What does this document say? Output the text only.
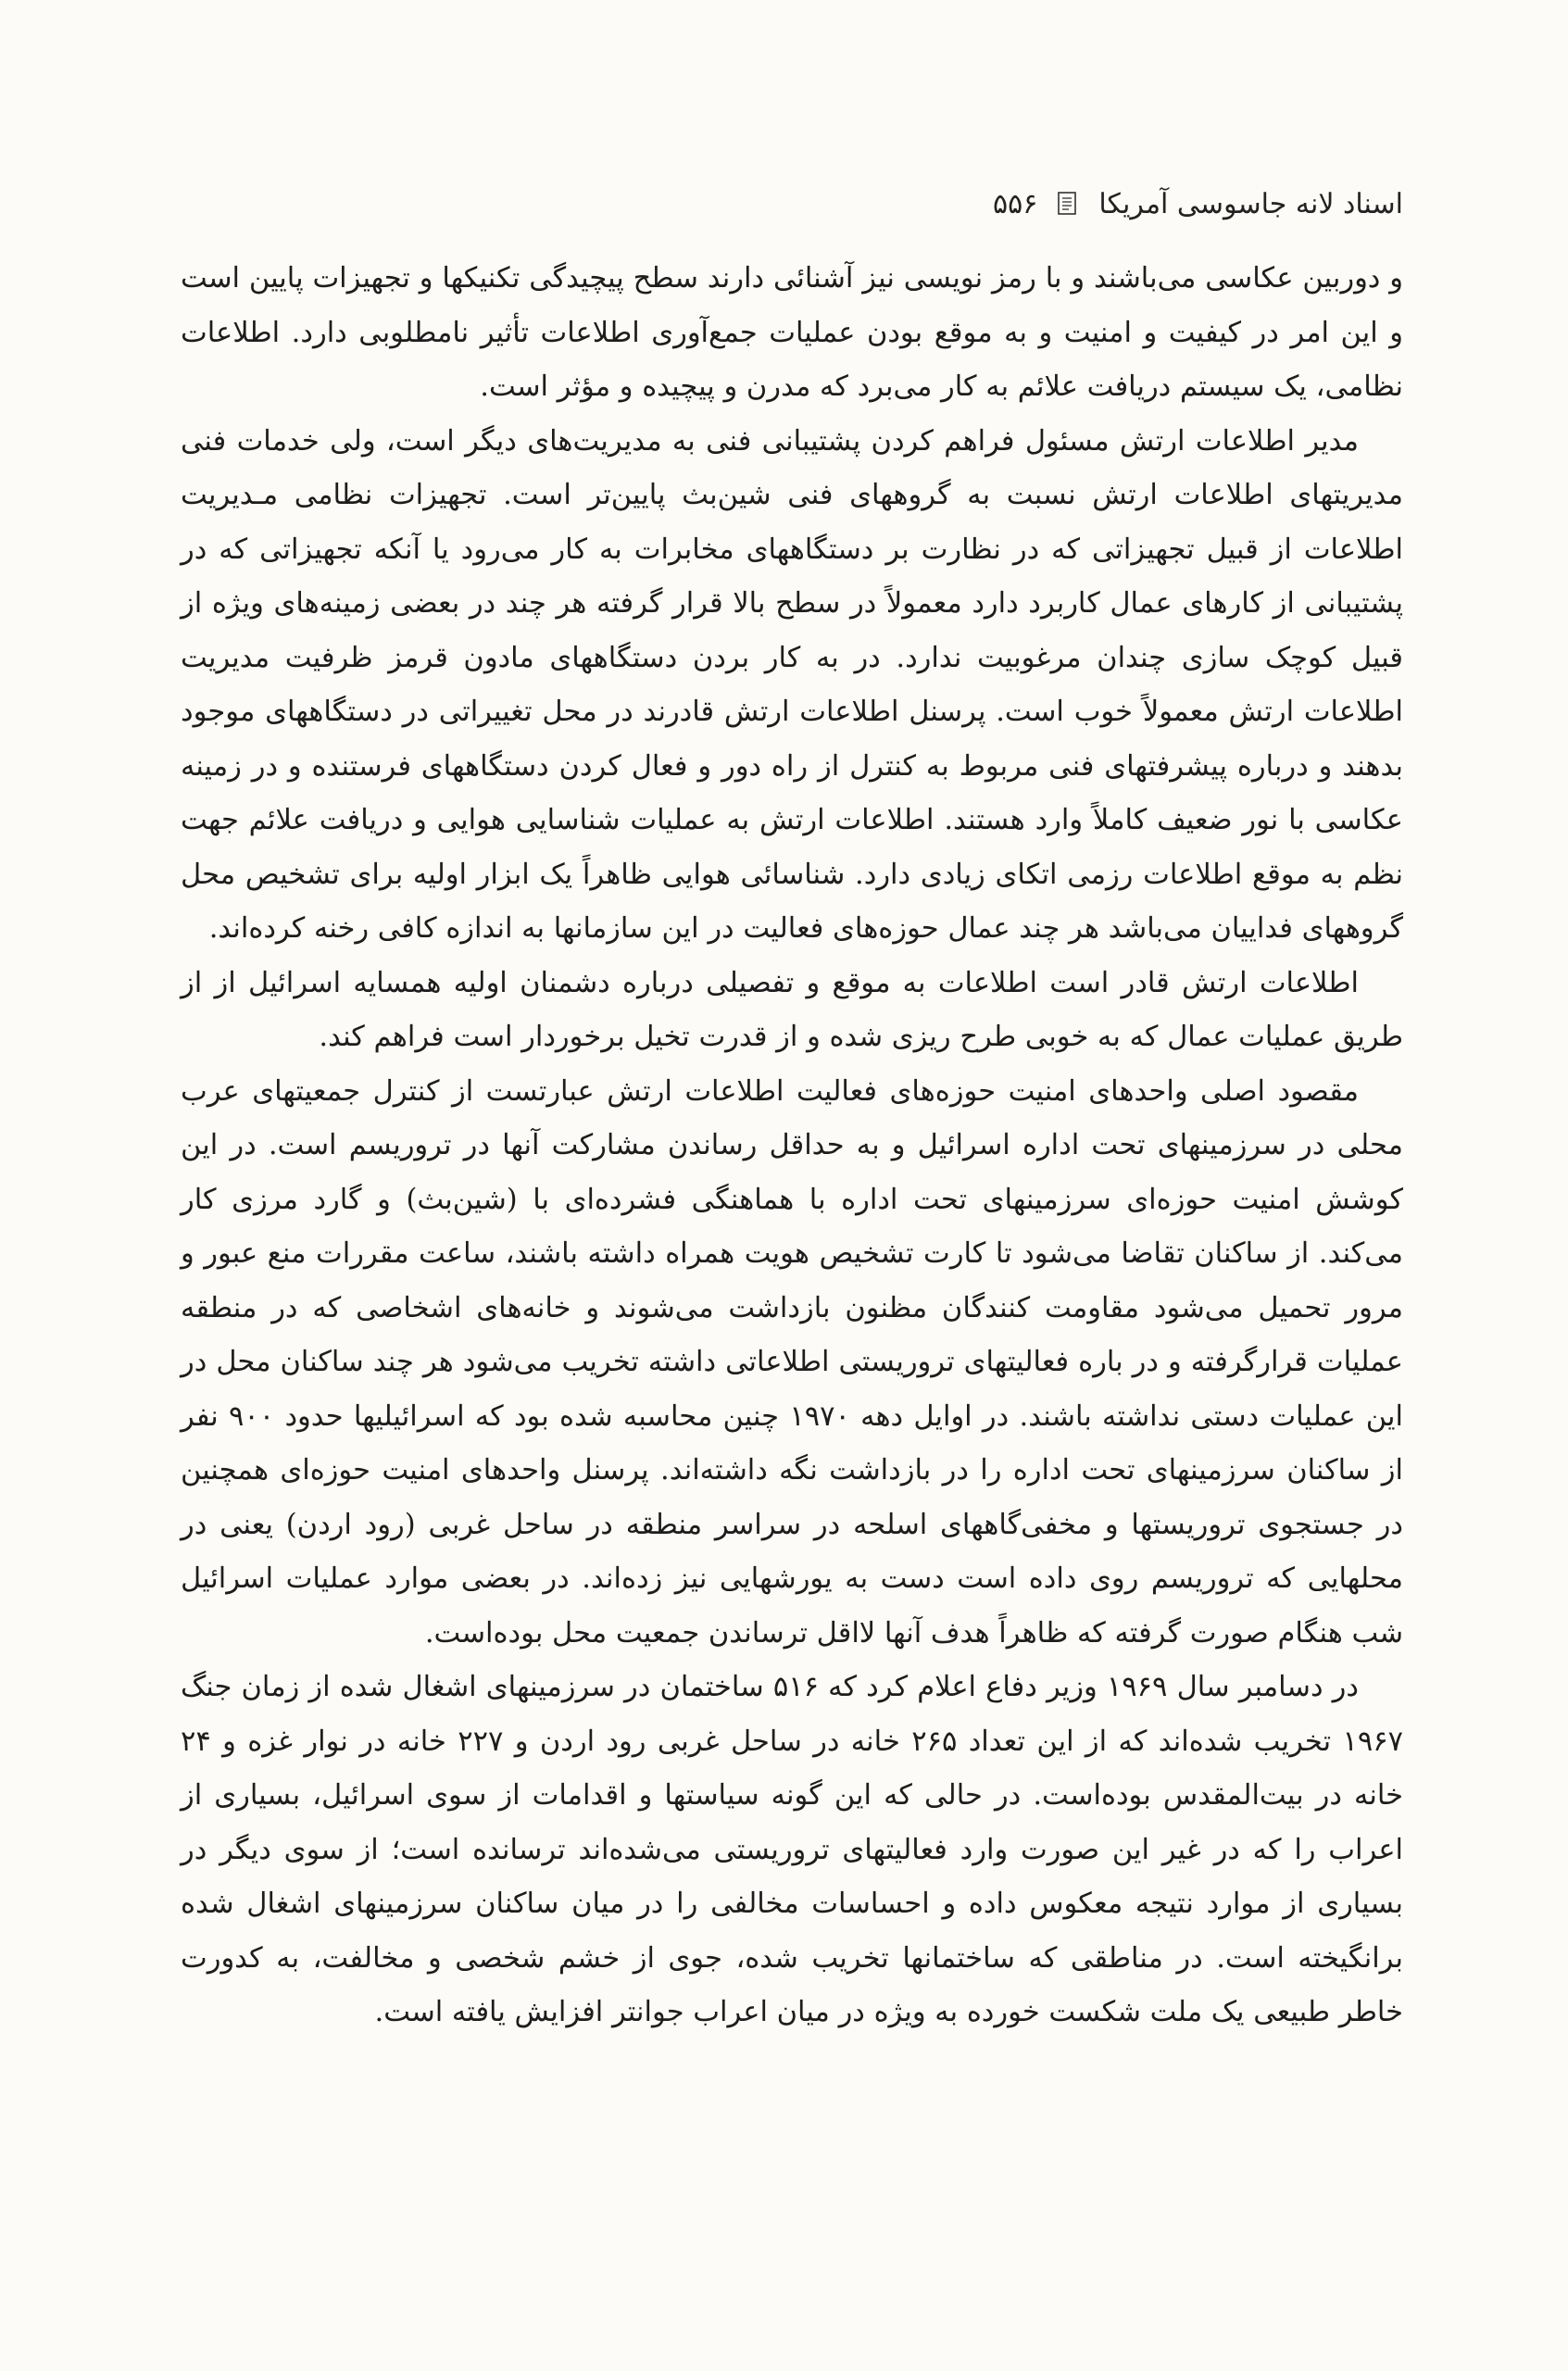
اسناد لانه جاسوسی آمریکا
۵۵۶

و دوربین عکاسی می‌باشند و با رمز نویسی نیز آشنائی دارند سطح پیچیدگی تکنیکها و تجهیزات پایین است و این امر در کیفیت و امنیت و به موقع بودن عملیات جمع‌آوری اطلاعات تأثیر نامطلوبی دارد. اطلاعات نظامی، یک سیستم دریافت علائم به کار می‌برد که مدرن و پیچیده و مؤثر است.

مدیر اطلاعات ارتش مسئول فراهم کردن پشتیبانی فنی به مدیریت‌های دیگر است، ولی خدمات فنی مدیریتهای اطلاعات ارتش نسبت به گروههای فنی شین‌بث پایین‌تر است. تجهیزات نظامی مـدیریت اطلاعات از قبیل تجهیزاتی که در نظارت بر دستگاههای مخابرات به کار می‌رود یا آنکه تجهیزاتی که در پشتیبانی از کارهای عمال کاربرد دارد معمولاً در سطح بالا قرار گرفته هر چند در بعضی زمینه‌های ویژه از قبیل کوچک سازی چندان مرغوبیت ندارد. در به کار بردن دستگاههای مادون قرمز ظرفیت مدیریت اطلاعات ارتش معمولاً خوب است. پرسنل اطلاعات ارتش قادرند در محل تغییراتی در دستگاههای موجود بدهند و درباره پیشرفتهای فنی مربوط به کنترل از راه دور و فعال کردن دستگاههای فرستنده و در زمینه عکاسی با نور ضعیف کاملاً وارد هستند. اطلاعات ارتش به عملیات شناسایی هوایی و دریافت علائم جهت نظم به موقع اطلاعات رزمی اتکای زیادی دارد. شناسائی هوایی ظاهراً یک ابزار اولیه برای تشخیص محل گروههای فداییان می‌باشد هر چند عمال حوزه‌های فعالیت در این سازمانها به اندازه کافی رخنه کرده‌اند.

اطلاعات ارتش قادر است اطلاعات به موقع و تفصیلی درباره دشمنان اولیه همسایه اسرائیل از از طریق عملیات عمال که به خوبی طرح ریزی شده و از قدرت تخیل برخوردار است فراهم کند.

مقصود اصلی واحدهای امنیت حوزه‌های فعالیت اطلاعات ارتش عبارتست از کنترل جمعیتهای عرب محلی در سرزمینهای تحت اداره اسرائیل و به حداقل رساندن مشارکت آنها در تروریسم است. در این کوشش امنیت حوزه‌ای سرزمینهای تحت اداره با هماهنگی فشرده‌ای با (شین‌بث) و گارد مرزی کار می‌کند. از ساکنان تقاضا می‌شود تا کارت تشخیص هویت همراه داشته باشند، ساعت مقررات منع عبور و مرور تحمیل می‌شود مقاومت کنندگان مظنون بازداشت می‌شوند و خانه‌های اشخاصی که در منطقه عملیات قرارگرفته و در باره فعالیتهای تروریستی اطلاعاتی داشته تخریب می‌شود هر چند ساکنان محل در این عملیات دستی نداشته باشند. در اوایل دهه ۱۹۷۰ چنین محاسبه شده بود که اسرائیلیها حدود ۹۰۰ نفر از ساکنان سرزمینهای تحت اداره را در بازداشت نگه داشته‌اند. پرسنل واحدهای امنیت حوزه‌ای همچنین در جستجوی تروریستها و مخفی‌گاههای اسلحه در سراسر منطقه در ساحل غربی (رود اردن) یعنی در محلهایی که تروریسم روی داده است دست به یورشهایی نیز زده‌اند. در بعضی موارد عملیات اسرائیل شب هنگام صورت گرفته که ظاهراً هدف آنها لااقل ترساندن جمعیت محل بوده‌است.

در دسامبر سال ۱۹۶۹ وزیر دفاع اعلام کرد که ۵۱۶ ساختمان در سرزمینهای اشغال شده از زمان جنگ ۱۹۶۷ تخریب شده‌اند که از این تعداد ۲۶۵ خانه در ساحل غربی رود اردن و ۲۲۷ خانه در نوار غزه و ۲۴ خانه در بیت‌المقدس بوده‌است. در حالی که این گونه سیاستها و اقدامات از سوی اسرائیل، بسیاری از اعراب را که در غیر این صورت وارد فعالیتهای تروریستی می‌شده‌اند ترسانده است؛ از سوی دیگر در بسیاری از موارد نتیجه معکوس داده و احساسات مخالفی را در میان ساکنان سرزمینهای اشغال شده برانگیخته است. در مناطقی که ساختمانها تخریب شده، جوی از خشم شخصی و مخالفت، به کدورت خاطر طبیعی یک ملت شکست خورده به ویژه در میان اعراب جوانتر افزایش یافته است.
